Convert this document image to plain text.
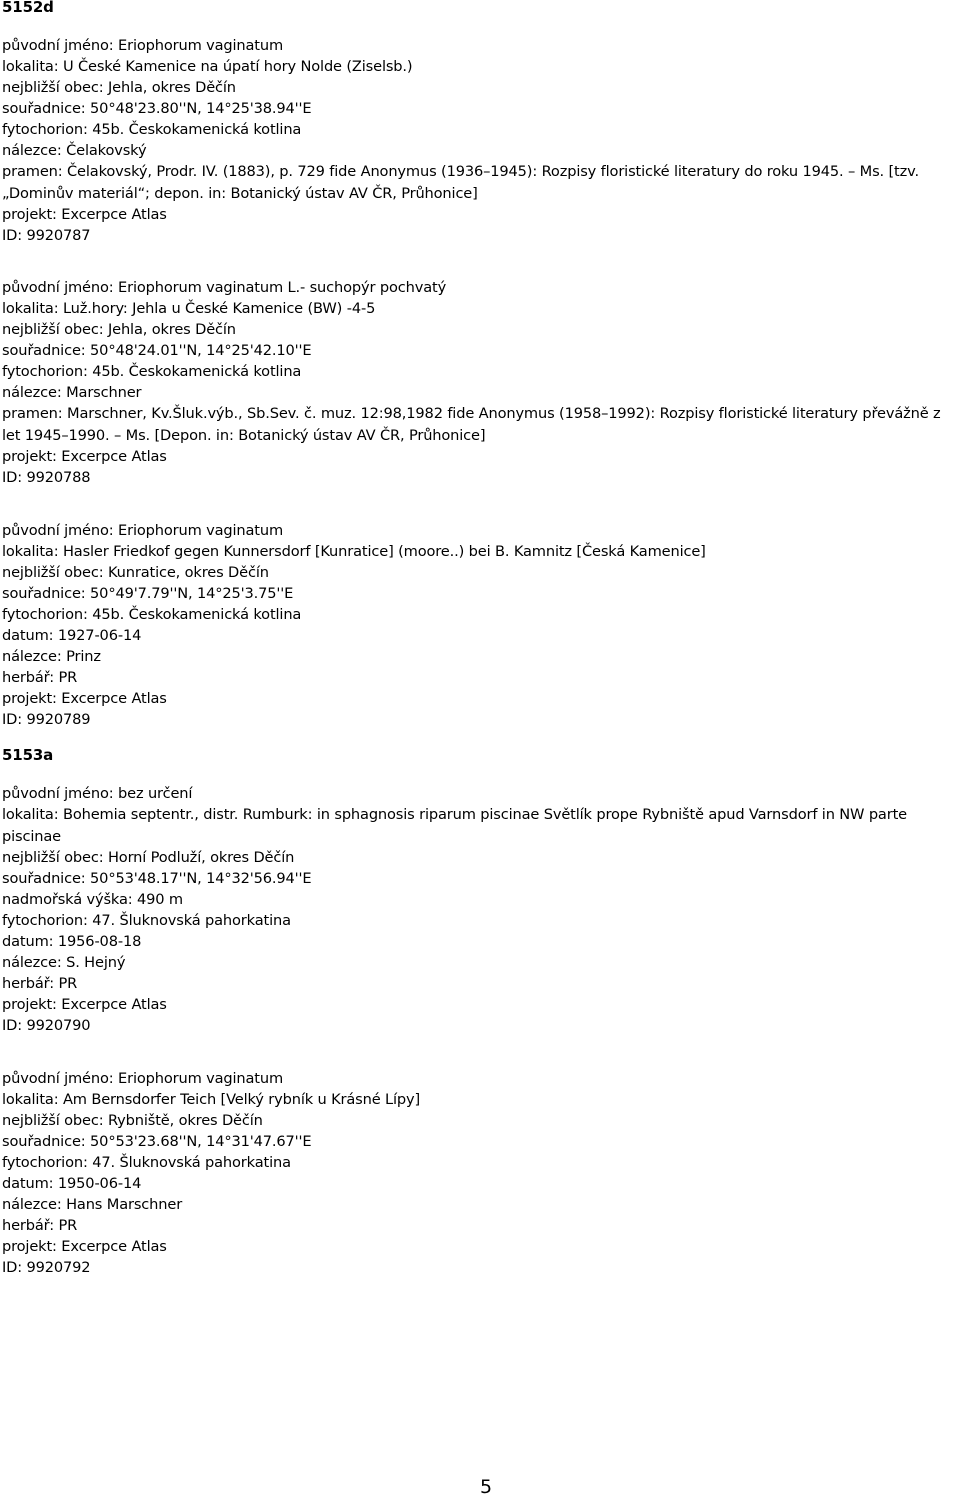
5152d
původní jméno: Eriophorum vaginatum
lokalita: U České Kamenice na úpatí hory Nolde (Ziselsb.)
nejbližší obec: Jehla, okres Děčín
souřadnice: 50°48'23.80''N, 14°25'38.94''E
fytochorion: 45b. Českokamenická kotlina
nálezce: Čelakovský
pramen: Čelakovský, Prodr. IV. (1883), p. 729 fide Anonymus (1936–1945): Rozpisy floristické literatury do roku 1945. – Ms. [tzv. „Dominův materiál“; depon. in: Botanický ústav AV ČR, Průhonice]
projekt: Excerpce Atlas
ID: 9920787
původní jméno: Eriophorum vaginatum L.- suchopýr pochvatý
lokalita: Luž.hory: Jehla u České Kamenice (BW) -4-5
nejbližší obec: Jehla, okres Děčín
souřadnice: 50°48'24.01''N, 14°25'42.10''E
fytochorion: 45b. Českokamenická kotlina
nálezce: Marschner
pramen: Marschner, Kv.Šluk.výb., Sb.Sev. č. muz. 12:98,1982 fide Anonymus (1958–1992): Rozpisy floristické literatury převážně z let 1945–1990. – Ms. [Depon. in: Botanický ústav AV ČR, Průhonice]
projekt: Excerpce Atlas
ID: 9920788
původní jméno: Eriophorum vaginatum
lokalita: Hasler Friedkof gegen Kunnersdorf [Kunratice] (moore..) bei B. Kamnitz [Česká Kamenice]
nejbližší obec: Kunratice, okres Děčín
souřadnice: 50°49'7.79''N, 14°25'3.75''E
fytochorion: 45b. Českokamenická kotlina
datum: 1927-06-14
nálezce: Prinz
herbář: PR
projekt: Excerpce Atlas
ID: 9920789
5153a
původní jméno: bez určení
lokalita: Bohemia septentr., distr. Rumburk: in sphagnosis riparum piscinae Světlík prope Rybniště apud Varnsdorf in NW parte piscinae
nejbližší obec: Horní Podluží, okres Děčín
souřadnice: 50°53'48.17''N, 14°32'56.94''E
nadmořská výška: 490 m
fytochorion: 47. Šluknovská pahorkatina
datum: 1956-08-18
nálezce: S. Hejný
herbář: PR
projekt: Excerpce Atlas
ID: 9920790
původní jméno: Eriophorum vaginatum
lokalita: Am Bernsdorfer Teich [Velký rybník u Krásné Lípy]
nejbližší obec: Rybniště, okres Děčín
souřadnice: 50°53'23.68''N, 14°31'47.67''E
fytochorion: 47. Šluknovská pahorkatina
datum: 1950-06-14
nálezce: Hans Marschner
herbář: PR
projekt: Excerpce Atlas
ID: 9920792
5
